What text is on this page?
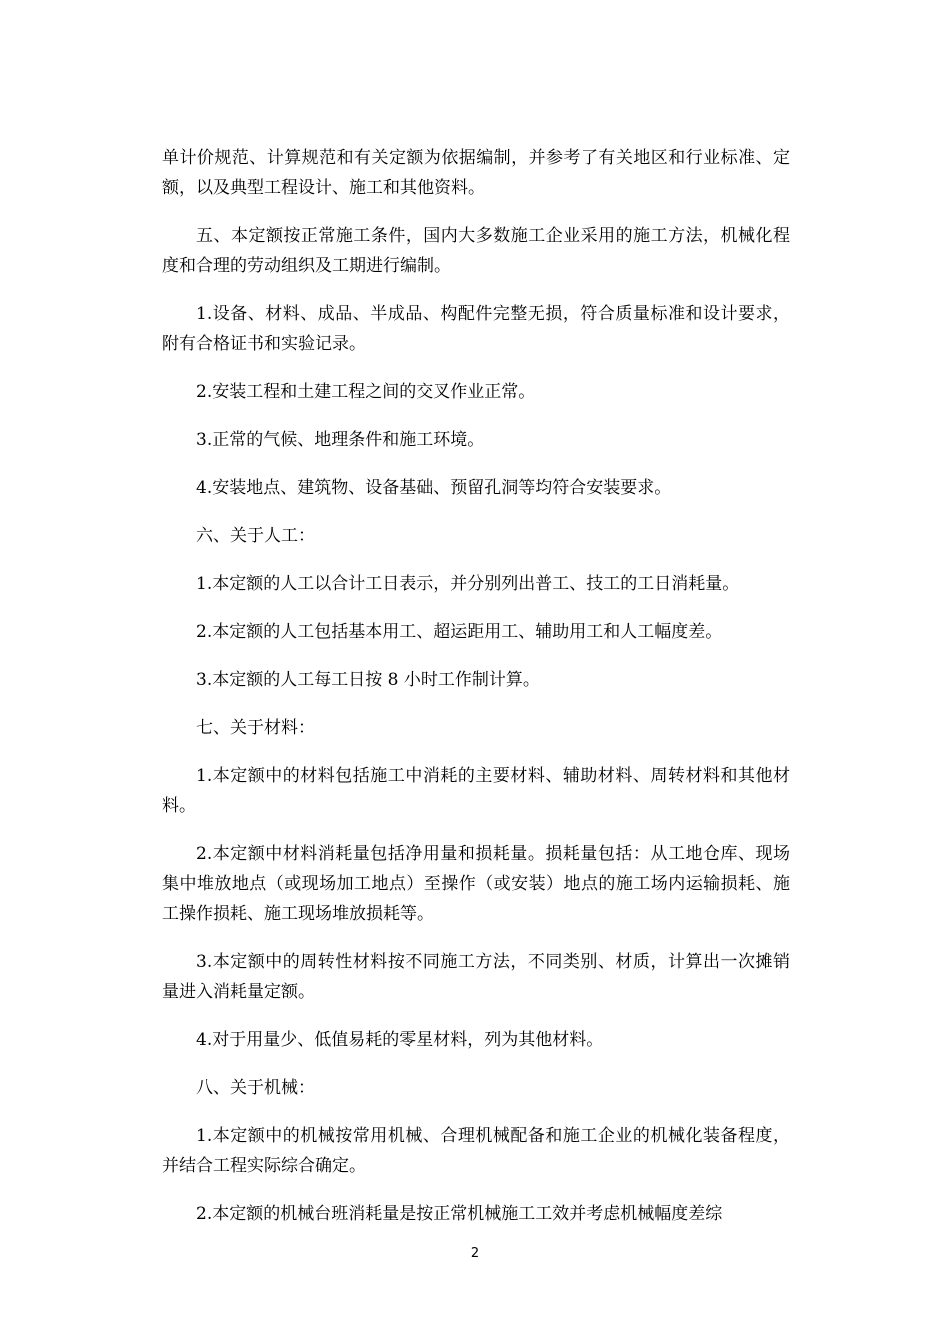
单计价规范、计算规范和有关定额为依据编制，并参考了有关地区和行业标准、定额，以及典型工程设计、施工和其他资料。

五、本定额按正常施工条件，国内大多数施工企业采用的施工方法，机械化程度和合理的劳动组织及工期进行编制。

1.设备、材料、成品、半成品、构配件完整无损，符合质量标准和设计要求，附有合格证书和实验记录。

2.安装工程和土建工程之间的交叉作业正常。

3.正常的气候、地理条件和施工环境。

4.安装地点、建筑物、设备基础、预留孔洞等均符合安装要求。

六、关于人工：

1.本定额的人工以合计工日表示，并分别列出普工、技工的工日消耗量。

2.本定额的人工包括基本用工、超运距用工、辅助用工和人工幅度差。

3.本定额的人工每工日按 8 小时工作制计算。

七、关于材料：

1.本定额中的材料包括施工中消耗的主要材料、辅助材料、周转材料和其他材料。

2.本定额中材料消耗量包括净用量和损耗量。损耗量包括：从工地仓库、现场集中堆放地点（或现场加工地点）至操作（或安装）地点的施工场内运输损耗、施工操作损耗、施工现场堆放损耗等。

3.本定额中的周转性材料按不同施工方法，不同类别、材质，计算出一次摊销量进入消耗量定额。

4.对于用量少、低值易耗的零星材料，列为其他材料。

八、关于机械：

1.本定额中的机械按常用机械、合理机械配备和施工企业的机械化装备程度，并结合工程实际综合确定。

2.本定额的机械台班消耗量是按正常机械施工工效并考虑机械幅度差综

2
